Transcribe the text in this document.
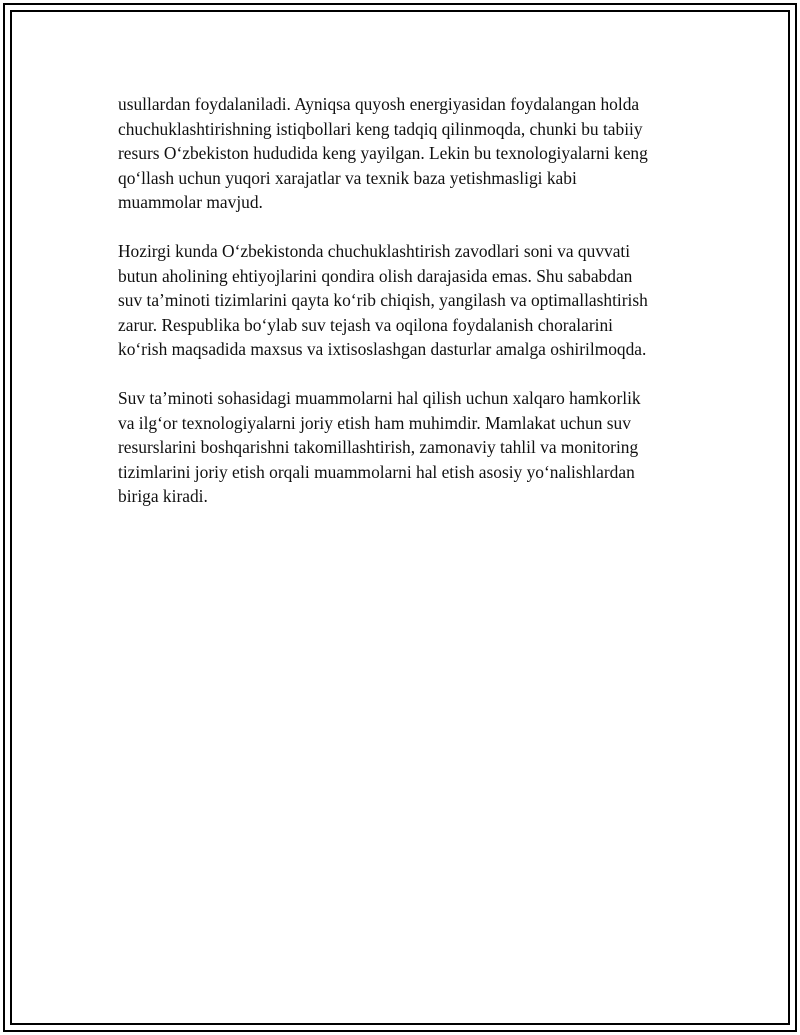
usullardan foydalaniladi. Ayniqsa quyosh energiyasidan foydalangan holda
chuchuklashtirishning istiqbollari keng tadqiq qilinmoqda, chunki bu tabiiy
resurs O‘zbekiston hududida keng yayilgan. Lekin bu texnologiyalarni keng
qo‘llash uchun yuqori xarajatlar va texnik baza yetishmasligi kabi
muammolar mavjud.

Hozirgi kunda O‘zbekistonda chuchuklashtirish zavodlari soni va quvvati
butun aholining ehtiyojlarini qondira olish darajasida emas. Shu sababdan
suv ta’minoti tizimlarini qayta ko‘rib chiqish, yangilash va optimallashtirish
zarur. Respublika bo‘ylab suv tejash va oqilona foydalanish choralarini
ko‘rish maqsadida maxsus va ixtisoslashgan dasturlar amalga oshirilmoqda.

Suv ta’minoti sohasidagi muammolarni hal qilish uchun xalqaro hamkorlik
va ilg‘or texnologiyalarni joriy etish ham muhimdir. Mamlakat uchun suv
resurslarini boshqarishni takomillashtirish, zamonaviy tahlil va monitoring
tizimlarini joriy etish orqali muammolarni hal etish asosiy yo‘nalishlardan
biriga kiradi.
